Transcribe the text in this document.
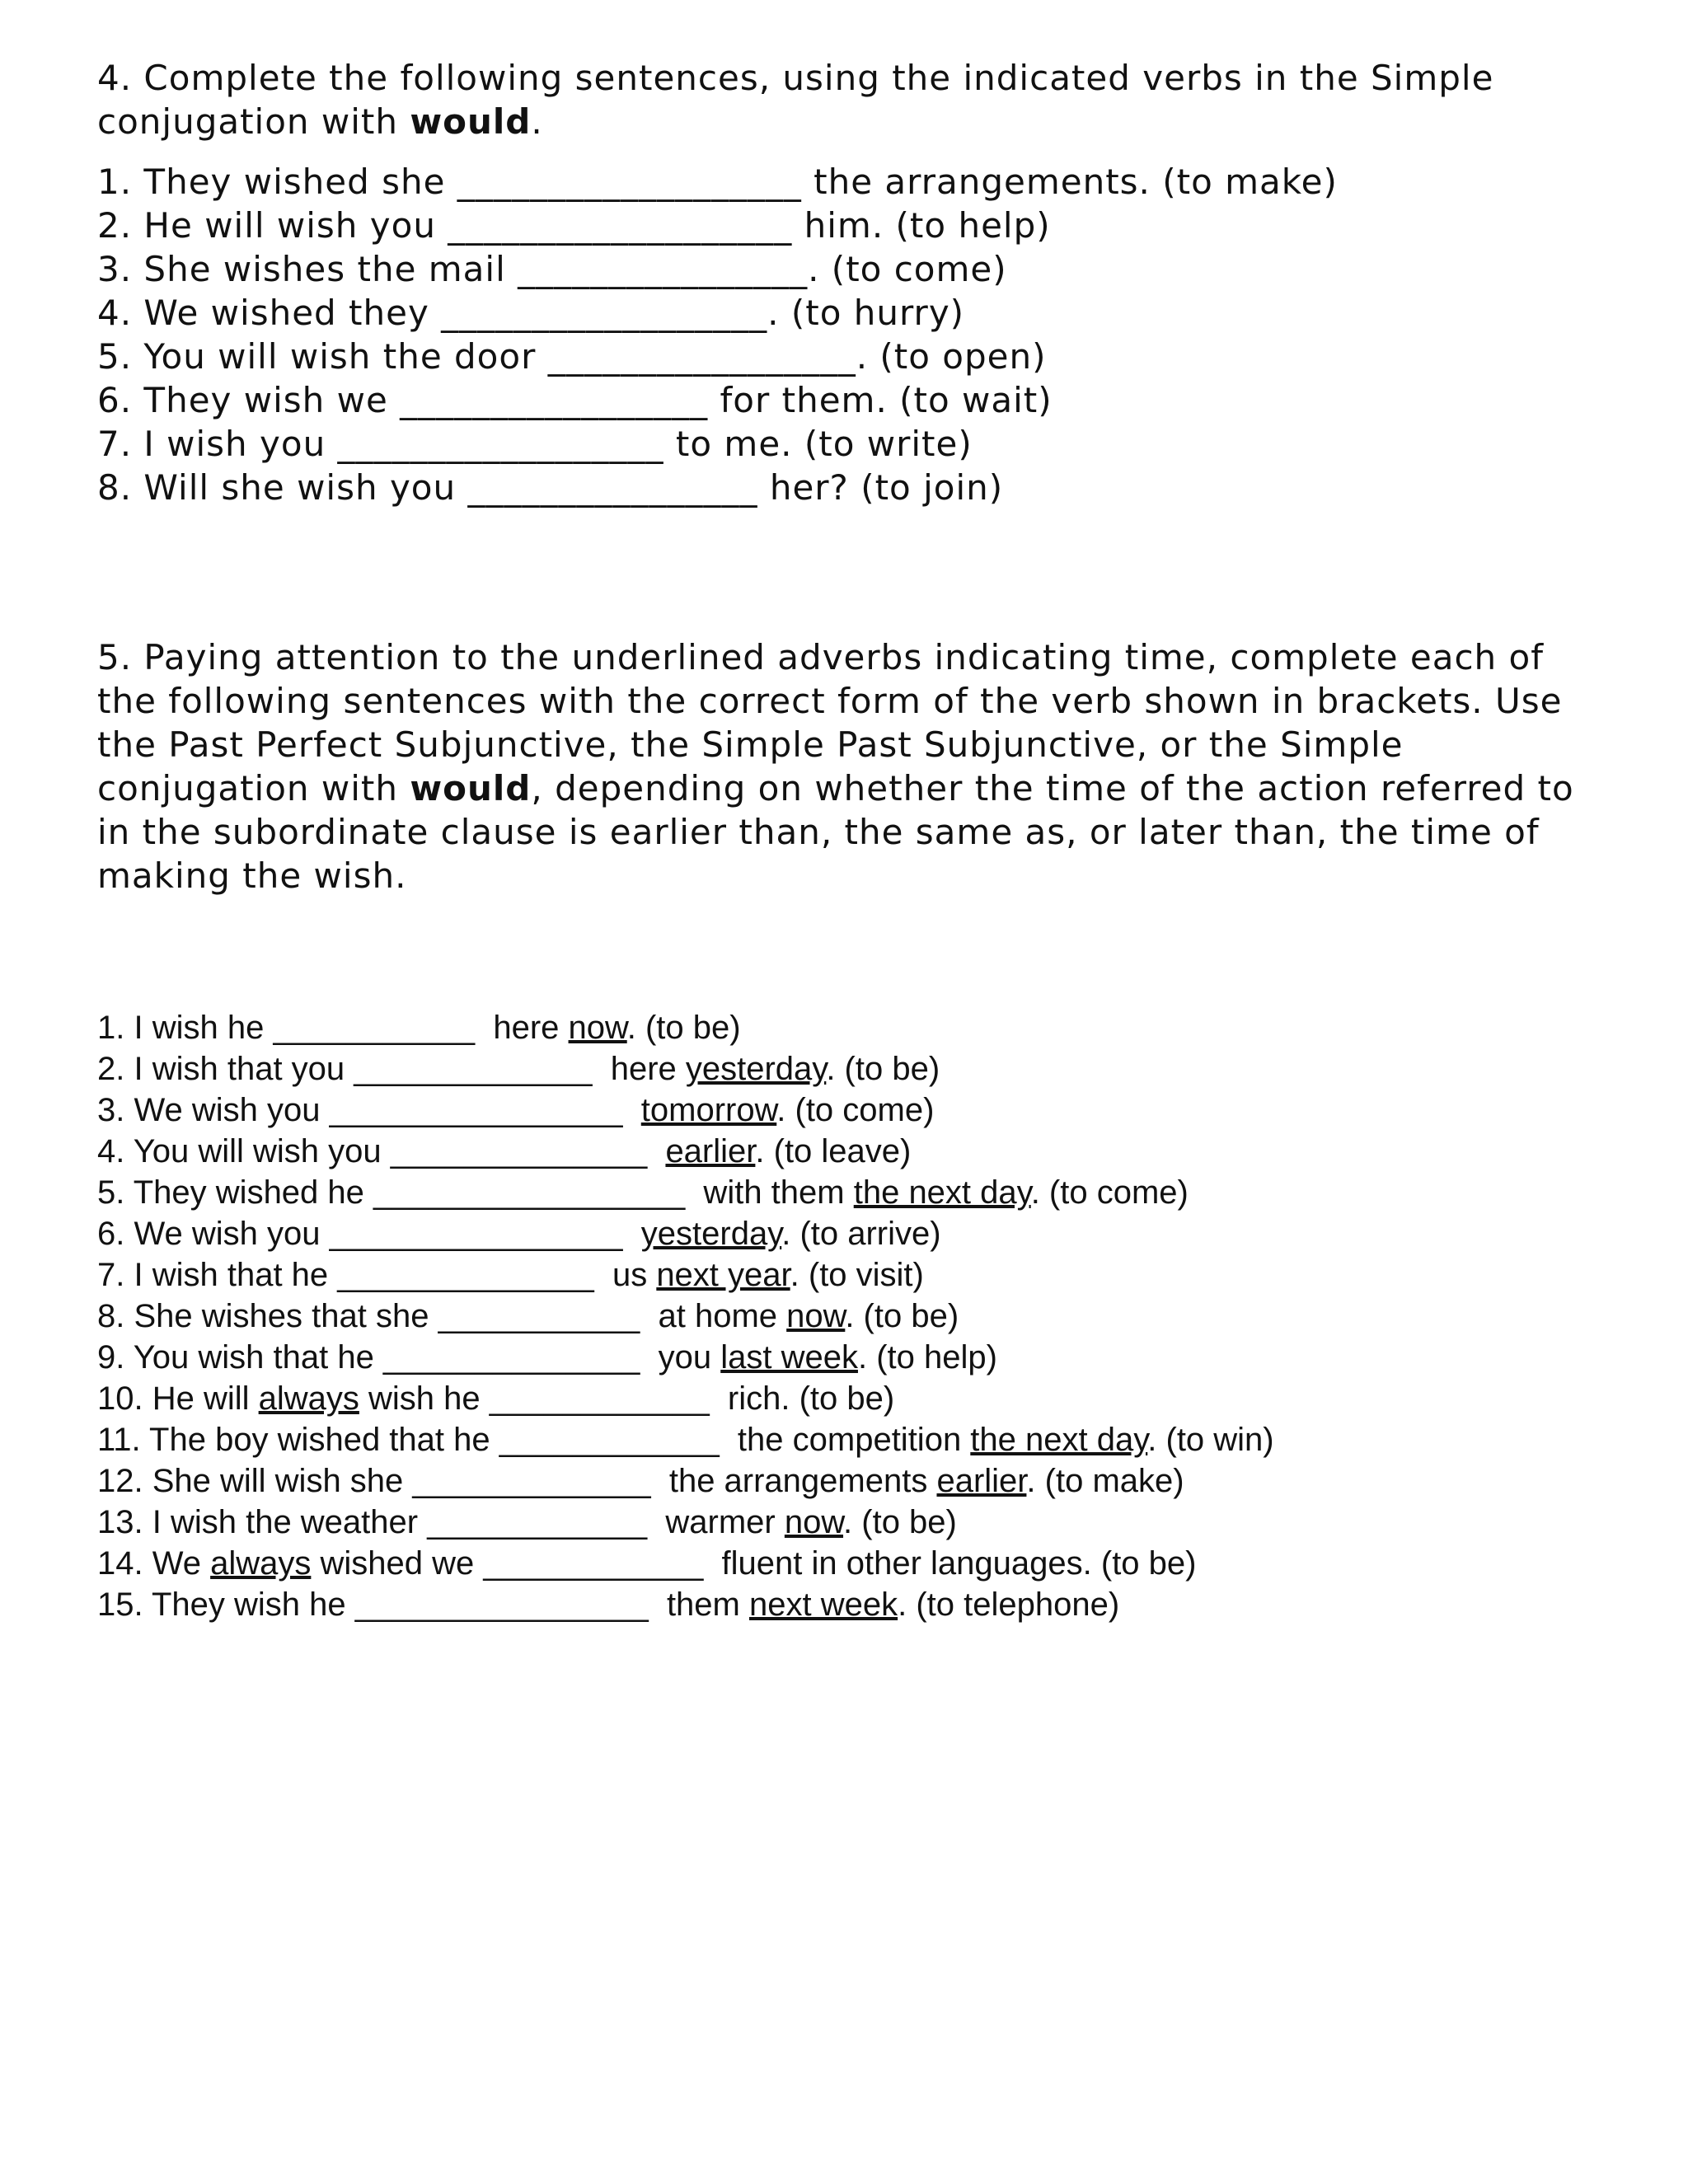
4. Complete the following sentences, using the indicated verbs in the Simple conjugation with would.

1. They wished she ___________________ the arrangements. (to make)
2. He will wish you ___________________ him. (to help)
3. She wishes the mail ________________. (to come)
4. We wished they __________________. (to hurry)
5. You will wish the door _________________. (to open)
6. They wish we _________________ for them. (to wait)
7. I wish you __________________ to me. (to write)
8. Will she wish you ________________ her? (to join)

5. Paying attention to the underlined adverbs indicating time, complete each of the following sentences with the correct form of the verb shown in brackets. Use the Past Perfect Subjunctive, the Simple Past Subjunctive, or the Simple conjugation with would, depending on whether the time of the action referred to in the subordinate clause is earlier than, the same as, or later than, the time of making the wish.

1. I wish he ___________  here now. (to be)
2. I wish that you _____________  here yesterday. (to be)
3. We wish you ________________  tomorrow. (to come)
4. You will wish you ______________  earlier. (to leave)
5. They wished he _________________  with them the next day. (to come)
6. We wish you ________________  yesterday. (to arrive)
7. I wish that he ______________  us next year. (to visit)
8. She wishes that she ___________  at home now. (to be)
9. You wish that he ______________  you last week. (to help)
10. He will always wish he ____________  rich. (to be)
11. The boy wished that he ____________  the competition the next day. (to win)
12. She will wish she _____________  the arrangements earlier. (to make)
13. I wish the weather ____________  warmer now. (to be)
14. We always wished we ____________  fluent in other languages. (to be)
15. They wish he ________________  them next week. (to telephone)
